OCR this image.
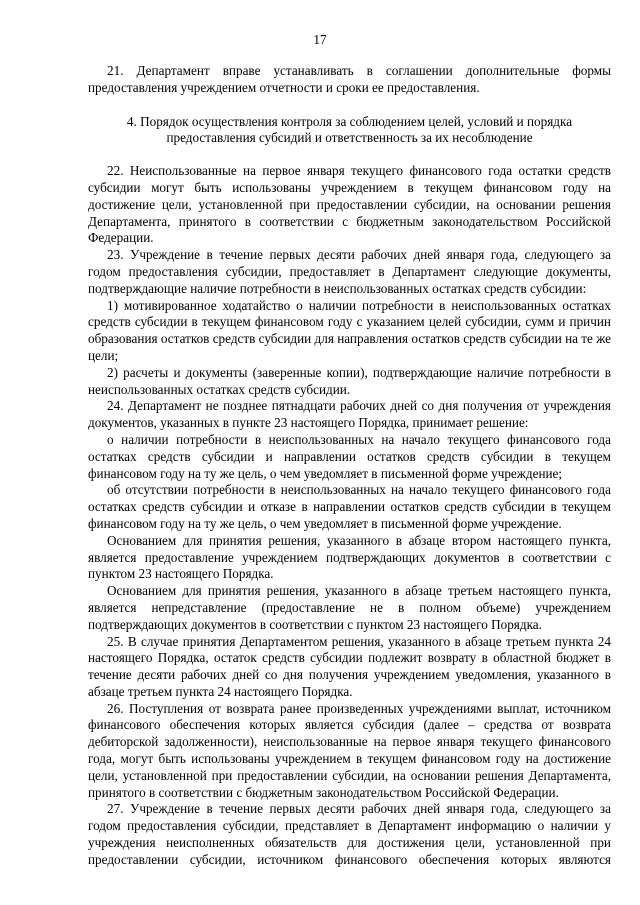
17

21. Департамент вправе устанавливать в соглашении дополнительные формы предоставления учреждением отчетности и сроки ее предоставления.

4. Порядок осуществления контроля за соблюдением целей, условий и порядка
предоставления субсидий и ответственность за их несоблюдение

22. Неиспользованные на первое января текущего финансового года остатки средств субсидии могут быть использованы учреждением в текущем финансовом году на достижение цели, установленной при предоставлении субсидии, на основании решения Департамента, принятого в соответствии с бюджетным законодательством Российской Федерации.

23. Учреждение в течение первых десяти рабочих дней января года, следующего за годом предоставления субсидии, предоставляет в Департамент следующие документы, подтверждающие наличие потребности в неиспользованных остатках средств субсидии:

1) мотивированное ходатайство о наличии потребности в неиспользованных остатках средств субсидии в текущем финансовом году с указанием целей субсидии, сумм и причин образования остатков средств субсидии для направления остатков средств субсидии на те же цели;

2) расчеты и документы (заверенные копии), подтверждающие наличие потребности в неиспользованных остатках средств субсидии.

24. Департамент не позднее пятнадцати рабочих дней со дня получения от учреждения документов, указанных в пункте 23 настоящего Порядка, принимает решение:

о наличии потребности в неиспользованных на начало текущего финансового года остатках средств субсидии и направлении остатков средств субсидии в текущем финансовом году на ту же цель, о чем уведомляет в письменной форме учреждение;

об отсутствии потребности в неиспользованных на начало текущего финансового года остатках средств субсидии и отказе в направлении остатков средств субсидии в текущем финансовом году на ту же цель, о чем уведомляет в письменной форме учреждение.

Основанием для принятия решения, указанного в абзаце втором настоящего пункта, является предоставление учреждением подтверждающих документов в соответствии с пунктом 23 настоящего Порядка.

Основанием для принятия решения, указанного в абзаце третьем настоящего пункта, является непредставление (предоставление не в полном объеме) учреждением подтверждающих документов в соответствии с пунктом 23 настоящего Порядка.

25. В случае принятия Департаментом решения, указанного в абзаце третьем пункта 24 настоящего Порядка, остаток средств субсидии подлежит возврату в областной бюджет в течение десяти рабочих дней со дня получения учреждением уведомления, указанного в абзаце третьем пункта 24 настоящего Порядка.

26. Поступления от возврата ранее произведенных учреждениями выплат, источником финансового обеспечения которых является субсидия (далее – средства от возврата дебиторской задолженности), неиспользованные на первое января текущего финансового года, могут быть использованы учреждением в текущем финансовом году на достижение цели, установленной при предоставлении субсидии, на основании решения Департамента, принятого в соответствии с бюджетным законодательством Российской Федерации.

27. Учреждение в течение первых десяти рабочих дней января года, следующего за годом предоставления субсидии, представляет в Департамент информацию о наличии у учреждения неисполненных обязательств для достижения цели, установленной при предоставлении субсидии, источником финансового обеспечения которых являются
